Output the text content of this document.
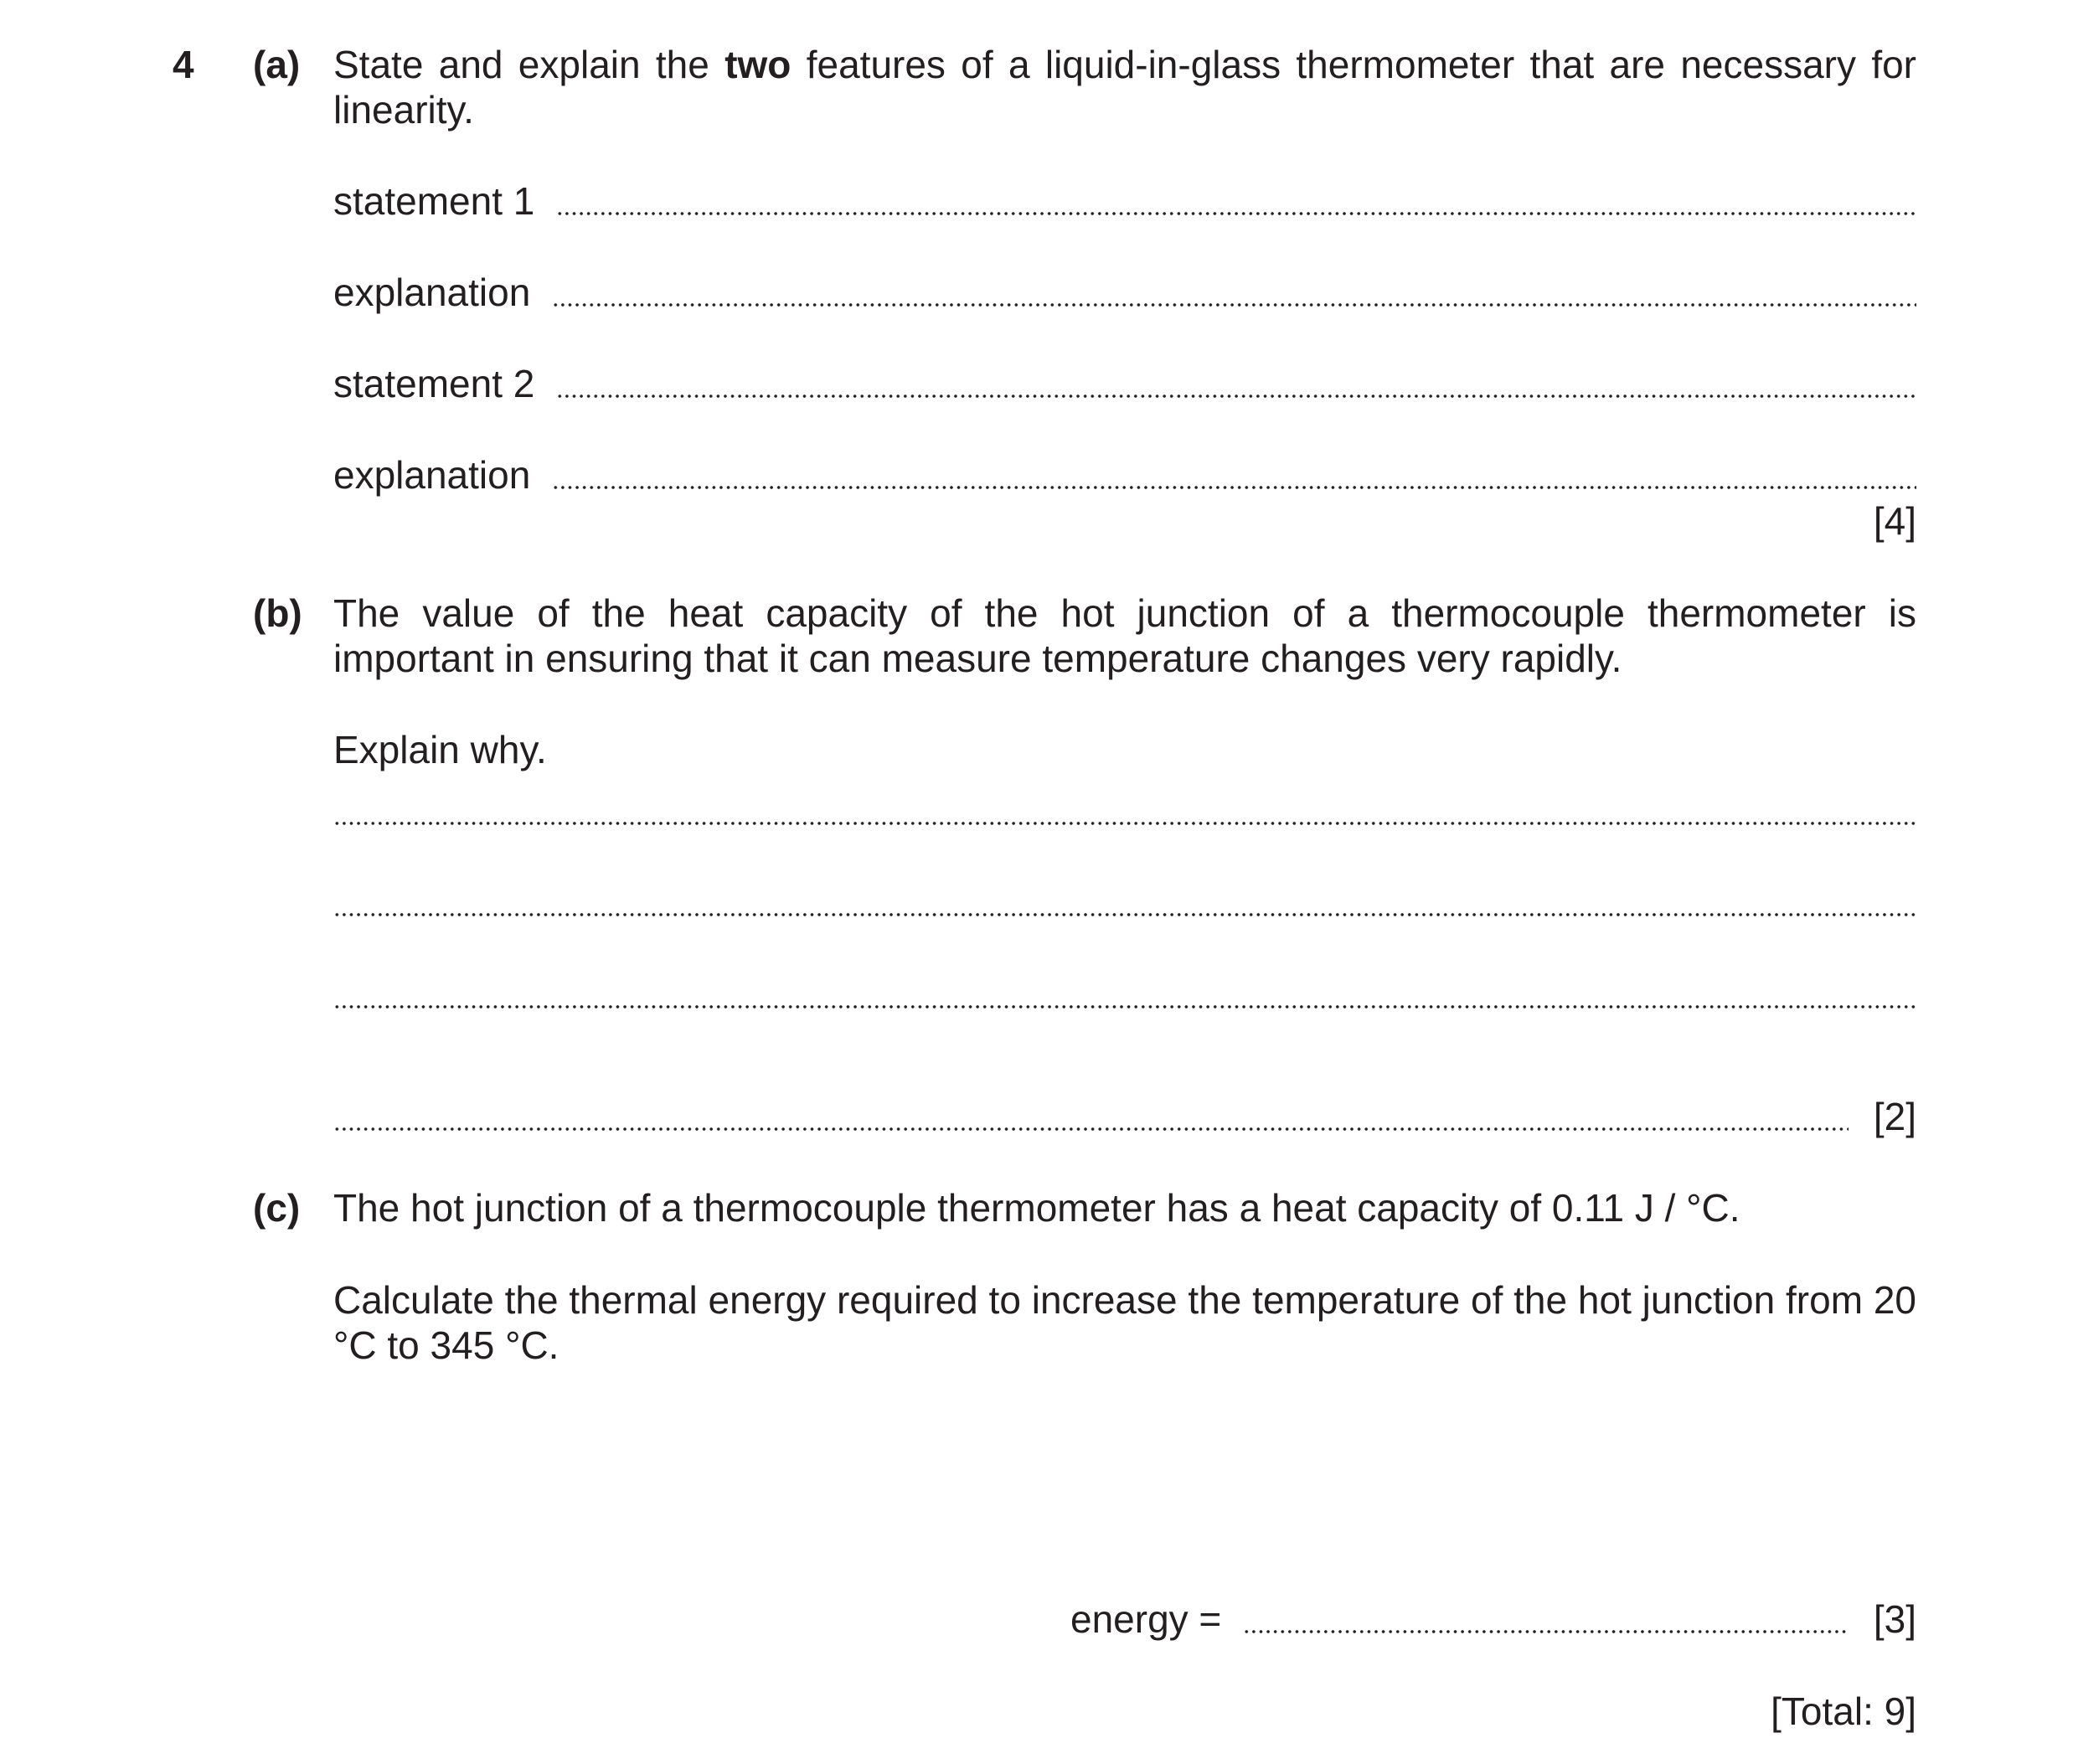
4 (a) State and explain the two features of a liquid-in-glass thermometer that are necessary for linearity.
statement 1
explanation
statement 2
explanation
[4]
(b) The value of the heat capacity of the hot junction of a thermocouple thermometer is important in ensuring that it can measure temperature changes very rapidly.
Explain why.
[2]
(c) The hot junction of a thermocouple thermometer has a heat capacity of 0.11 J / °C.
Calculate the thermal energy required to increase the temperature of the hot junction from 20 °C to 345 °C.
energy =	[3]
[Total: 9]
